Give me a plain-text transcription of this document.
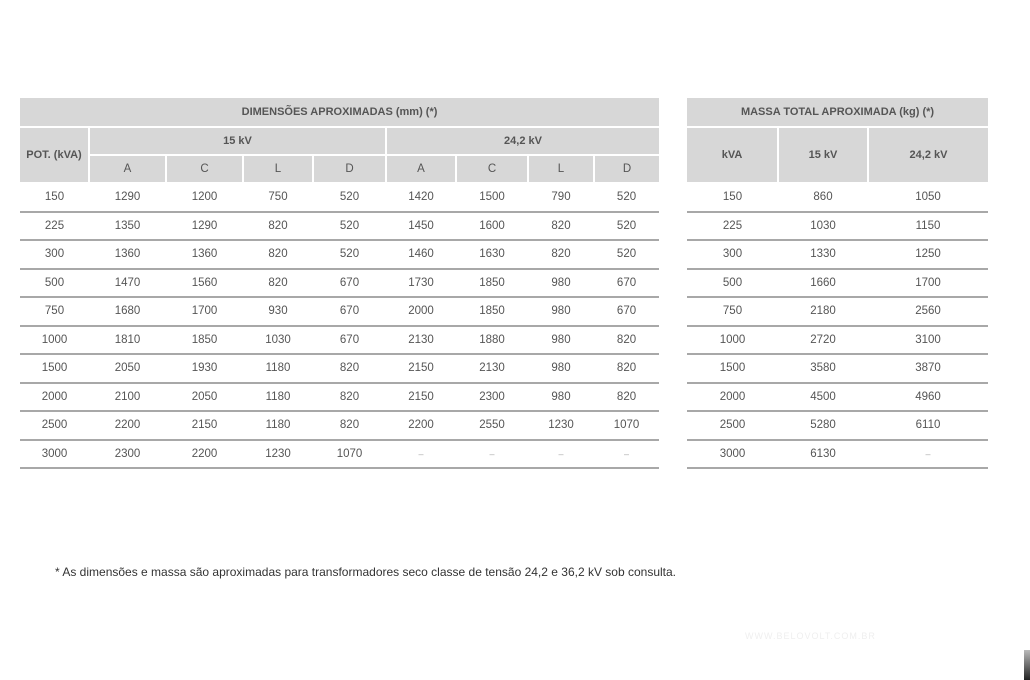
DIMENSÕES APROXIMADAS (mm) (*)								
POT. (kVA)	15 kV				24,2 kV			
	A	C	L	D	A	C	L	D
150	1290	1200	750	520	1420	1500	790	520
225	1350	1290	820	520	1450	1600	820	520
300	1360	1360	820	520	1460	1630	820	520
500	1470	1560	820	670	1730	1850	980	670
750	1680	1700	930	670	2000	1850	980	670
1000	1810	1850	1030	670	2130	1880	980	820
1500	2050	1930	1180	820	2150	2130	980	820
2000	2100	2050	1180	820	2150	2300	980	820
2500	2200	2150	1180	820	2200	2550	1230	1070
3000	2300	2200	1230	1070	–	–	–	–
MASSA TOTAL APROXIMADA (kg) (*)		
kVA	15 kV	24,2 kV
150	860	1050
225	1030	1150
300	1330	1250
500	1660	1700
750	2180	2560
1000	2720	3100
1500	3580	3870
2000	4500	4960
2500	5280	6110
3000	6130	–
* As dimensões e massa são aproximadas para transformadores seco classe de tensão 24,2 e 36,2 kV sob consulta.
WWW.BELOVOLT.COM.BR
